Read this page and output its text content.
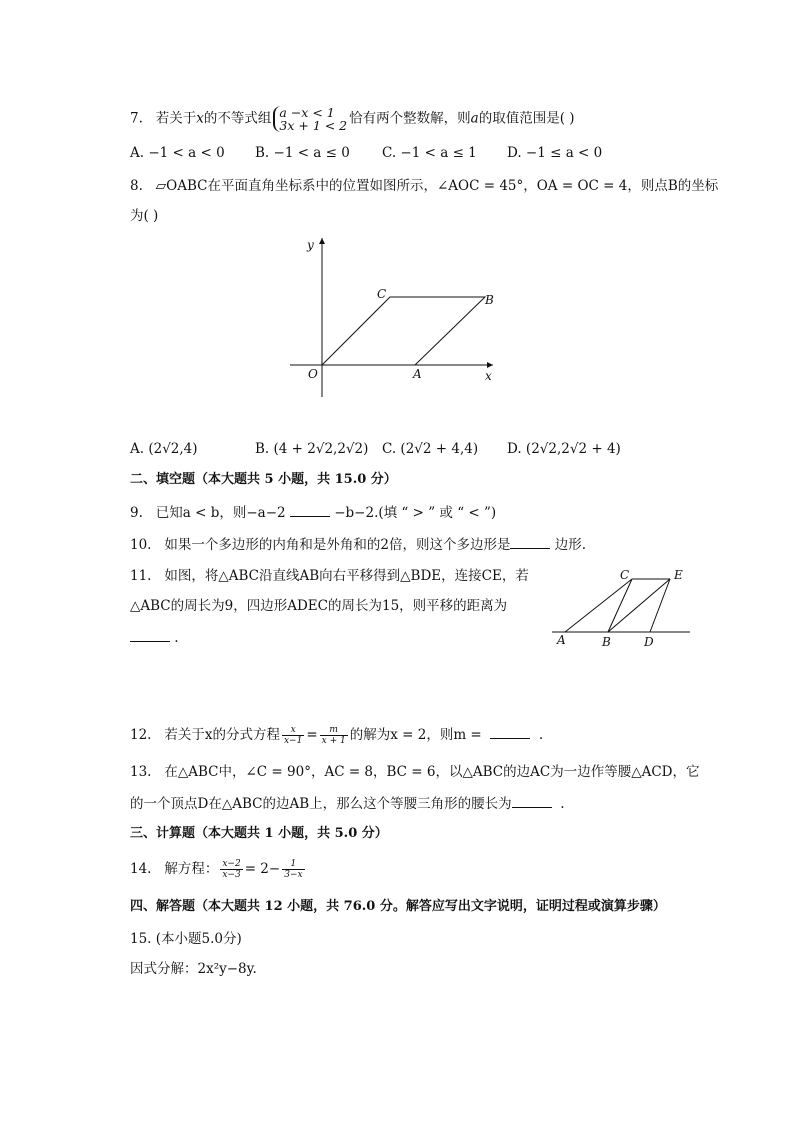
7. 若关于x的不等式组 a −x < 1
3x + 1 < 2 恰有两个整数解，则a的取值范围是( )
A. −1 < a < 0 B. −1 < a ≤ 0 C. −1 < a ≤ 1 D. −1 ≤ a < 0
8. ▱OABC在平面直角坐标系中的位置如图所示，∠AOC = 45°，OA = OC = 4，则点B的坐标
为( )
y
x
O	A
B
C
A. (2√2,4)	B. (4 + 2√2,2√2) C. (2√2 + 4,4) D. (2√2,2√2 + 4)
二、填空题（本大题共 5 小题，共 15.0 分）
9. 已知a < b，则−a−2	−b−2.(填 “ > ” 或 “ < ”)
10. 如果一个多边形的内角和是外角和的2倍，则这个多边形是	边形.
11. 如图，将△ABC沿直线AB向右平移得到△BDE，连接CE，若
△ABC的周长为9，四边形ADEC的周长为15，则平移的距离为
.	A	B
C
D
E
12. 若关于x的分式方程 $\frac{x}{x-1} = \frac{m}{x + 1}$ 的解为x = 2，则m =	.
13. 在△ABC中，∠C = 90°，AC = 8，BC = 6，以△ABC的边AC为一边作等腰△ACD，它
的一个顶点D在△ABC的边AB上，那么这个等腰三角形的腰长为	.
三、计算题（本大题共 1 小题，共 5.0 分）
14. 解方程： $\frac{x-2}{x-3} = 2- \frac{1}{3-x}$
四、解答题（本大题共 12 小题，共 76.0 分。解答应写出文字说明，证明过程或演算步骤）
15. (本小题5.0分)
因式分解：2x²y−8y.
